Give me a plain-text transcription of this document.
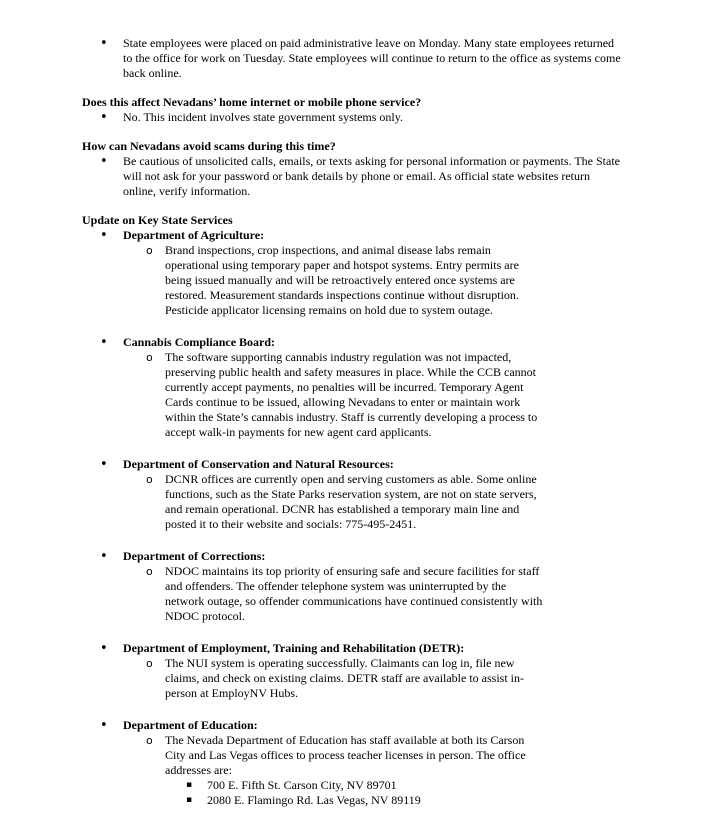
• State employees were placed on paid administrative leave on Monday. Many state employees returned to the office for work on Tuesday. State employees will continue to return to the office as systems come back online.

Does this affect Nevadans’ home internet or mobile phone service?

• No. This incident involves state government systems only.

How can Nevadans avoid scams during this time?

• Be cautious of unsolicited calls, emails, or texts asking for personal information or payments. The State will not ask for your password or bank details by phone or email. As official state websites return online, verify information.

Update on Key State Services

• Department of Agriculture:
o Brand inspections, crop inspections, and animal disease labs remain operational using temporary paper and hotspot systems. Entry permits are being issued manually and will be retroactively entered once systems are restored. Measurement standards inspections continue without disruption. Pesticide applicator licensing remains on hold due to system outage.
• Cannabis Compliance Board:
o The software supporting cannabis industry regulation was not impacted, preserving public health and safety measures in place. While the CCB cannot currently accept payments, no penalties will be incurred. Temporary Agent Cards continue to be issued, allowing Nevadans to enter or maintain work within the State’s cannabis industry. Staff is currently developing a process to accept walk-in payments for new agent card applicants.
• Department of Conservation and Natural Resources:
o DCNR offices are currently open and serving customers as able. Some online functions, such as the State Parks reservation system, are not on state servers, and remain operational. DCNR has established a temporary main line and posted it to their website and socials: 775-495-2451.
• Department of Corrections:
o NDOC maintains its top priority of ensuring safe and secure facilities for staff and offenders. The offender telephone system was uninterrupted by the network outage, so offender communications have continued consistently with NDOC protocol.
• Department of Employment, Training and Rehabilitation (DETR):
o The NUI system is operating successfully. Claimants can log in, file new claims, and check on existing claims. DETR staff are available to assist in-person at EmployNV Hubs.
• Department of Education:
o The Nevada Department of Education has staff available at both its Carson City and Las Vegas offices to process teacher licenses in person. The office addresses are:
▪ 700 E. Fifth St. Carson City, NV 89701
▪ 2080 E. Flamingo Rd. Las Vegas, NV 89119
